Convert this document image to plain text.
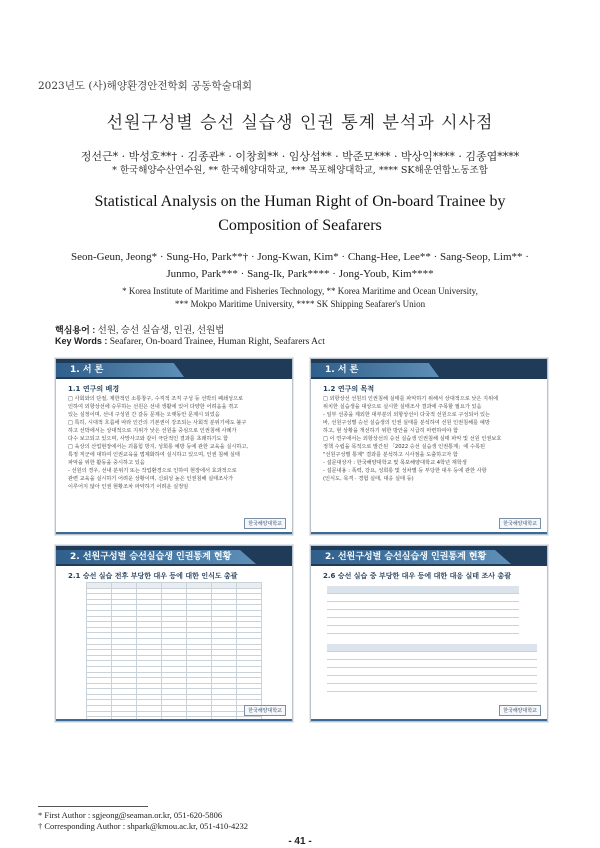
2023년도 (사)해양환경안전학회 공동학술대회
선원구성별 승선 실습생 인권 통계 분석과 시사점
정선근* · 박성호**† · 김종관* · 이창희** · 임상섭** · 박준모*** · 박상익**** · 김종엽****
* 한국해양수산연수원, ** 한국해양대학교, *** 목포해양대학교, **** SK해운연합노동조합
Statistical Analysis on the Human Right of On-board Trainee by
Composition of Seafarers
Seon-Geun, Jeong* · Sung-Ho, Park**† · Jong-Kwan, Kim* · Chang-Hee, Lee** · Sang-Seop, Lim** ·
Junmo, Park*** · Sang-Ik, Park**** · Jong-Youb, Kim****
* Korea Institute of Maritime and Fisheries Technology, ** Korea Maritime and Ocean University,
*** Mokpo Maritime University, **** SK Shipping Seafarer's Union
핵심용어 : 선원, 승선 실습생, 인권, 선원법
Key Words : Seafarer, On-board Trainee, Human Right, Seafarers Act
1. 서 론
1.1 연구의 배경
□ 사회와의 단절, 제한적인 소통창구, 수직적 조직 구성 등 선박의 폐쇄성으로
인하여 외항상선에 승무하는 선원은 선내 생활에 있어 다양한 어려움을 겪고
있는 실정이며, 선내 구성원 간 갈등 문제는 오랫동안 문제시 되었음
□ 특히, 시대적 흐름에 따라 인간의 기본권이 강조되는 사회적 분위기에도 불구
하고 선박에서는 상대적으로 지위가 낮은 선원을 중심으로 인권침해 사례가
다수 보고되고 있으며, 사망사고와 같이 극단적인 결과를 초래하기도 함
□ 육상의 산업현장에서는 괴롭힘 방지, 성희롱 예방 등에 관한 교육을 실시하고,
특정 직군에 대하여 인권교육을 법제화하여 실시하고 있으며, 인권 침해 실태
파악을 위한 활동을 중시하고 있음
- 선원의 경우, 선내 분위기 또는 작업환경으로 인하여 현장에서 효과적으로
관련 교육을 실시하기 어려운 상황이며, 신뢰성 높은 인권침해 실태조사가
이루어지 않아 인권 현황조차 파악하기 어려운 실정임
한국해양대학교
1. 서 론
1.2 연구의 목적
□ 외항상선 선원의 인권침해 실태를 파악하기 위해서 상대적으로 낮은 지위에
위치한 실습생을 대상으로 실시한 실태조사 결과에 주목할 필요가 있음
- 일부 선종을 제외한 대부분의 외항상선이 다국적 선원으로 구성되어 있는
바, 선원구성별 승선 실습생의 인권 실태를 분석하여 선원 인권침해를 예방
하고, 현 상황을 개선하기 위한 방안을 시급히 마련하여야 함
□ 이 연구에서는 외항상선의 승선 실습생 인권침해 실태 파악 및 선원 인권보호
정책 수립을 목적으로 발간된 「2022 승선 실습생 인권통계」에 수록된
"선원구성별 통계" 결과를 분석하고 시사점을 도출하고자 함
- 설문대상자 : 한국해양대학교 및 목포해양대학교 4학년 재학생
- 설문내용 : 폭력, 강요, 성희롱 및 성차별 등 부당한 대우 등에 관한 사항
(인식도, 목격 · 경험 실태, 대응 실태 등)
한국해양대학교
2. 선원구성별 승선실습생 인권통계 현황
2.1 승선 실습 전후 부당한 대우 등에 대한 인식도 총괄

한국해양대학교
2. 선원구성별 승선실습생 인권통계 현황
2.6 승선 실습 중 부당한 대우 등에 대한 대응 실태 조사 총괄

한국해양대학교
* First Author : sgjeong@seaman.or.kr, 051-620-5806
† Corresponding Author : shpark@kmou.ac.kr, 051-410-4232
- 41 -
